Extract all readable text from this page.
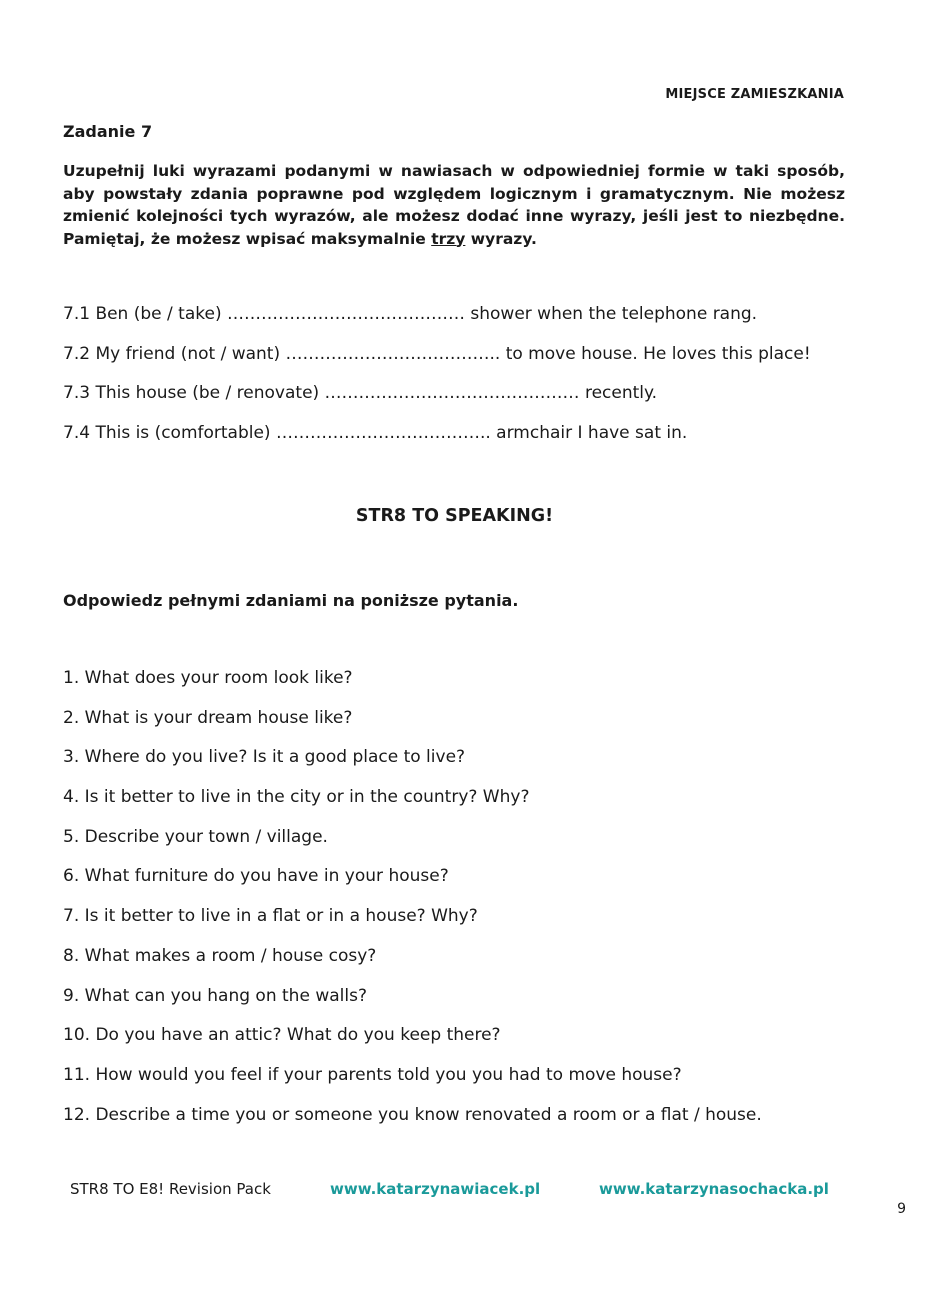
MIEJSCE ZAMIESZKANIA
Zadanie 7

Uzupełnij luki wyrazami podanymi w nawiasach w odpowiedniej formie w taki sposób, aby powstały zdania poprawne pod względem logicznym i gramatycznym. Nie możesz zmienić kolejności tych wyrazów, ale możesz dodać inne wyrazy, jeśli jest to niezbędne. Pamiętaj, że możesz wpisać maksymalnie trzy wyrazy.

7.1 Ben (be / take) …………………………………… shower when the telephone rang.
7.2 My friend (not / want) ……………………………….. to move house. He loves this place!
7.3 This house (be / renovate) ……………………………………… recently.
7.4 This is (comfortable) ……………………………….. armchair I have sat in.
STR8 TO SPEAKING!
Odpowiedz pełnymi zdaniami na poniższe pytania.
1. What does your room look like?
2. What is your dream house like?
3. Where do you live? Is it a good place to live?
4. Is it better to live in the city or in the country? Why?
5. Describe your town / village.
6. What furniture do you have in your house?
7. Is it better to live in a flat or in a house? Why?
8. What makes a room / house cosy?
9. What can you hang on the walls?
10. Do you have an attic? What do you keep there?
11. How would you feel if your parents told you you had to move house?
12. Describe a time you or someone you know renovated a room or a flat / house.
STR8 TO E8! Revision Pack	www.katarzynawiacek.pl	www.katarzynasochacka.pl
9
